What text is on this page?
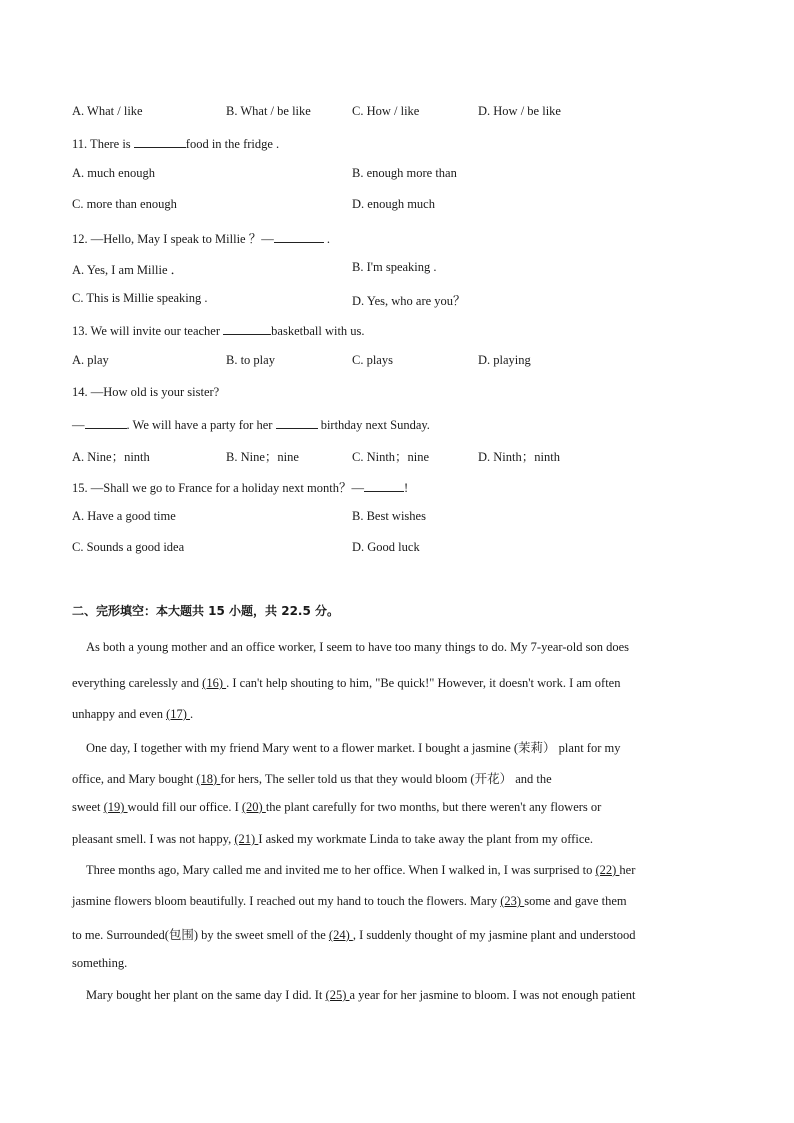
A. What / like	B. What / be like	C. How / like	D. How / be like
11. There is	food in the fridge .
A. much enough	B. enough more than
C. more than enough	D. enough much
12. —Hello, May I speak to Millie ？—	.
A. Yes, I am Millie ．	B. I'm speaking .
C. This is Millie speaking .	D. Yes, who are you？
13. We will invite our teacher	basketball with us.
A. play	B. to play	C. plays	D. playing
14. —How old is your sister?
—	. We will have a party for her	birthday next Sunday.
A. Nine；ninth	B. Nine；nine	C. Ninth；nine	D. Ninth；ninth
15. —Shall we go to France for a holiday next month？—	!
A. Have a good time	B. Best wishes
C. Sounds a good idea	D. Good luck
二、完形填空：本大题共 15 小题，共 22.5 分。
As both a young mother and an office worker, I seem to have too many things to do. My 7-year-old son does
everything carelessly and (16) . I can't help shouting to him, "Be quick!" However, it doesn't work. I am often
unhappy and even (17) .
One day, I together with my friend Mary went to a flower market. I bought a jasmine (茉莉） plant for my
office, and Mary bought (18) for hers, The seller told us that they would bloom (开花） and the
sweet (19) would fill our office. I (20) the plant carefully for two months, but there weren't any flowers or
pleasant smell. I was not happy, (21) I asked my workmate Linda to take away the plant from my office.
Three months ago, Mary called me and invited me to her office. When I walked in, I was surprised to (22) her
jasmine flowers bloom beautifully. I reached out my hand to touch the flowers. Mary (23) some and gave them
to me. Surrounded(包围) by the sweet smell of the (24) , I suddenly thought of my jasmine plant and understood
something.
Mary bought her plant on the same day I did. It (25) a year for her jasmine to bloom. I was not enough patient
